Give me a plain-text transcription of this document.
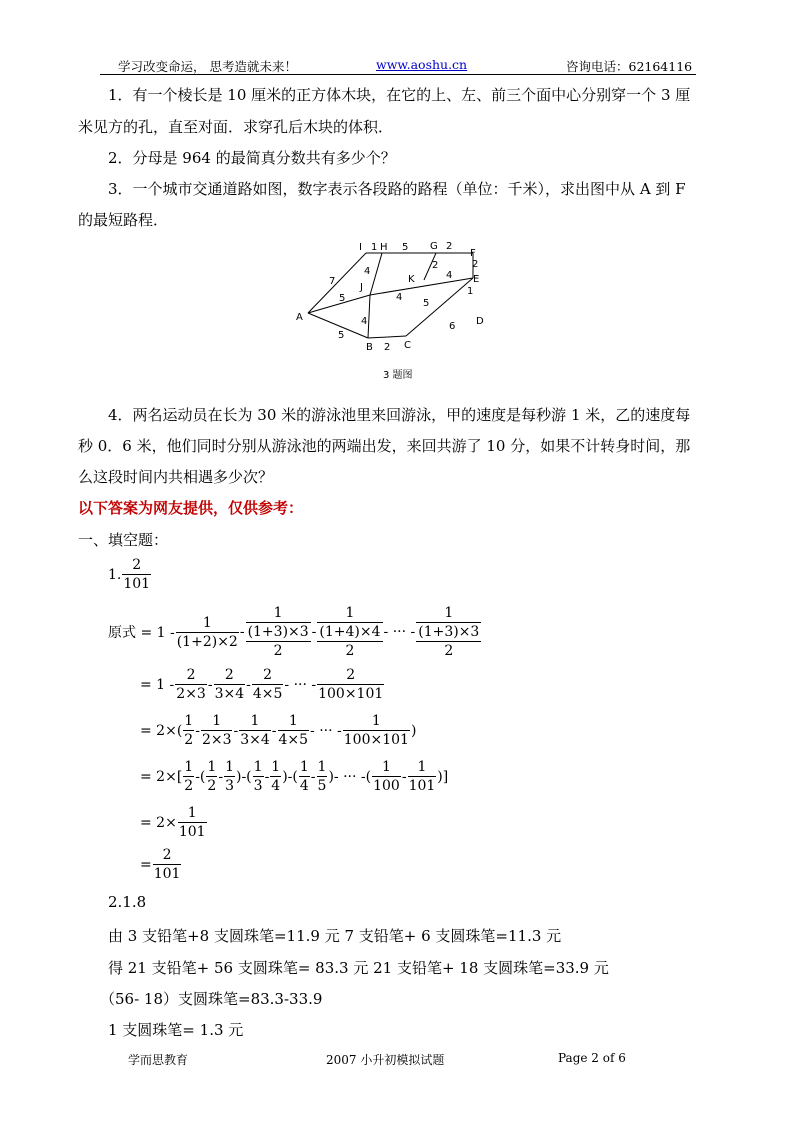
学习改变命运， 思考造就未来！	www.aoshu.cn	咨询电话：62164116
1．有一个棱长是 10 厘米的正方体木块，在它的上、左、前三个面中心分别穿一个 3 厘
米见方的孔，直至对面．求穿孔后木块的体积．
2．分母是 964 的最简真分数共有多少个？
3．一个城市交通道路如图，数字表示各段路的路程（单位：千米），求出图中从 A 到 F
的最短路程．
A
B	C
D
E
F
G
H
I
J
K
7
5
5
1 5	2
2
4
2
4
4
5
2
1
6
4
3 题图
4．两名运动员在长为 30 米的游泳池里来回游泳，甲的速度是每秒游 1 米，乙的速度每
秒 0．6 米，他们同时分别从游泳池的两端出发，来回共游了 10 分，如果不计转身时间，那
么这段时间内共相遇多少次？
以下答案为网友提供，仅供参考：
一、填空题：
1. $\frac{2}{101}$
原式 = $1 - \frac{1}{(1+2)\times 2}$ -
1
(1+3)×3
2
-
1
(1+4)×4
2
- ··· -
1
(1+3)×3
2
= $1 - \frac{2}{2\times 3} - \frac{2}{3\times 4} - \frac{2}{4\times 5}$ - ··· - $\frac{2}{100\times 101}$
= $2\times( \frac{1}{2} - \frac{1}{2\times 3} - \frac{1}{3\times 4} - \frac{1}{4\times 5}$ - ··· - $\frac{1}{100\times 101}$ )
= $2\times[ \frac{1}{2}$ -( $\frac{1}{2} - \frac{1}{3}$ )-( $\frac{1}{3} - \frac{1}{4}$ )-( $\frac{1}{4} - \frac{1}{5}$ )- ··· -( $\frac{1}{100} - \frac{1}{101}$ ) ]
= $2\times \frac{1}{101}$
= $\frac{2}{101}$
2.1.8
由 3 支铅笔+8 支圆珠笔=11.9 元 7 支铅笔+ 6 支圆珠笔=11.3 元
得 21 支铅笔+ 56 支圆珠笔= 83.3 元 21 支铅笔+ 18 支圆珠笔=33.9 元
（56- 18）支圆珠笔=83.3-33.9
1 支圆珠笔= 1.3 元
学而思教育	2007 小升初模拟试题	Page 2 of 6
